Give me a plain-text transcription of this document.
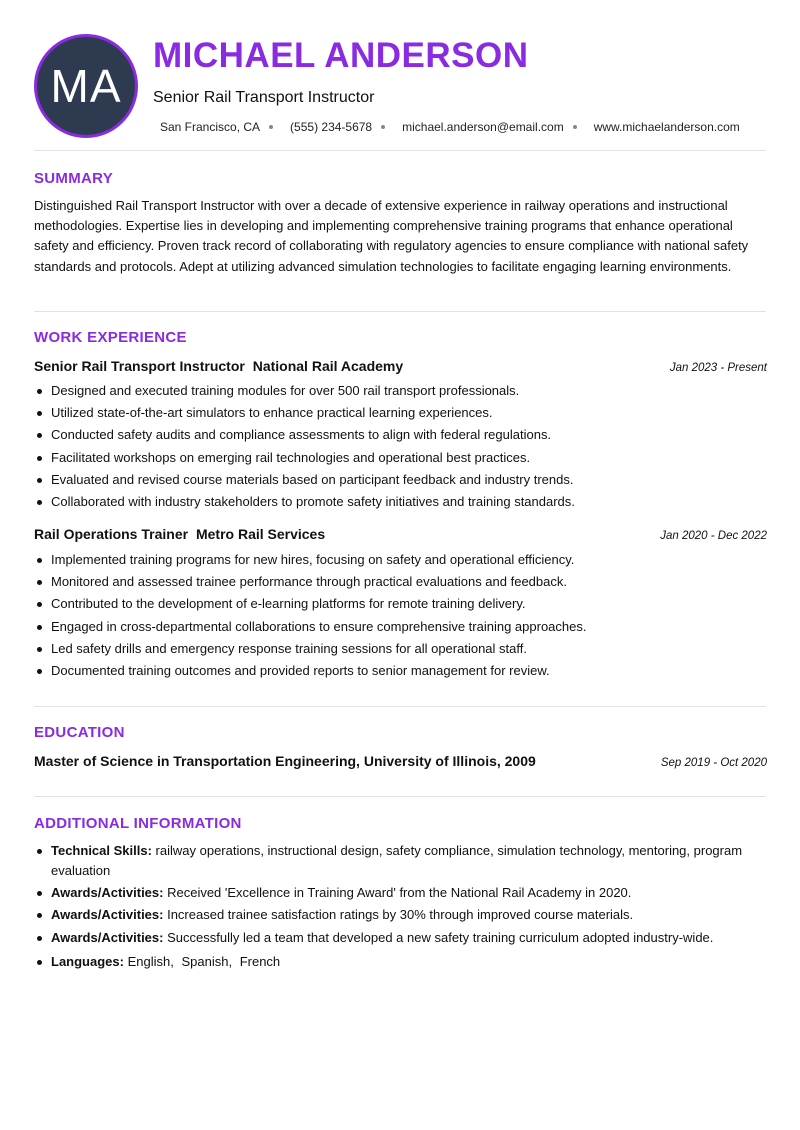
MA
MICHAEL ANDERSON
Senior Rail Transport Instructor
San Francisco, CA	(555) 234-5678	michael.anderson@email.com	www.michaelanderson.com
SUMMARY
Distinguished Rail Transport Instructor with over a decade of extensive experience in railway operations and instructional methodologies. Expertise lies in developing and implementing comprehensive training programs that enhance operational safety and efficiency. Proven track record of collaborating with regulatory agencies to ensure compliance with national safety standards and protocols. Adept at utilizing advanced simulation technologies to facilitate engaging learning environments.
WORK EXPERIENCE
Senior Rail Transport Instructor National Rail Academy	Jan 2023 - Present
Designed and executed training modules for over 500 rail transport professionals.
Utilized state-of-the-art simulators to enhance practical learning experiences.
Conducted safety audits and compliance assessments to align with federal regulations.
Facilitated workshops on emerging rail technologies and operational best practices.
Evaluated and revised course materials based on participant feedback and industry trends.
Collaborated with industry stakeholders to promote safety initiatives and training standards.
Rail Operations Trainer Metro Rail Services	Jan 2020 - Dec 2022
Implemented training programs for new hires, focusing on safety and operational efficiency.
Monitored and assessed trainee performance through practical evaluations and feedback.
Contributed to the development of e-learning platforms for remote training delivery.
Engaged in cross-departmental collaborations to ensure comprehensive training approaches.
Led safety drills and emergency response training sessions for all operational staff.
Documented training outcomes and provided reports to senior management for review.
EDUCATION
Master of Science in Transportation Engineering, University of Illinois, 2009	Sep 2019 - Oct 2020
ADDITIONAL INFORMATION
Technical Skills: railway operations, instructional design, safety compliance, simulation technology, mentoring, program evaluation
Awards/Activities: Received 'Excellence in Training Award' from the National Rail Academy in 2020.
Awards/Activities: Increased trainee satisfaction ratings by 30% through improved course materials.
Awards/Activities: Successfully led a team that developed a new safety training curriculum adopted industry-wide.
Languages: English, Spanish, French
